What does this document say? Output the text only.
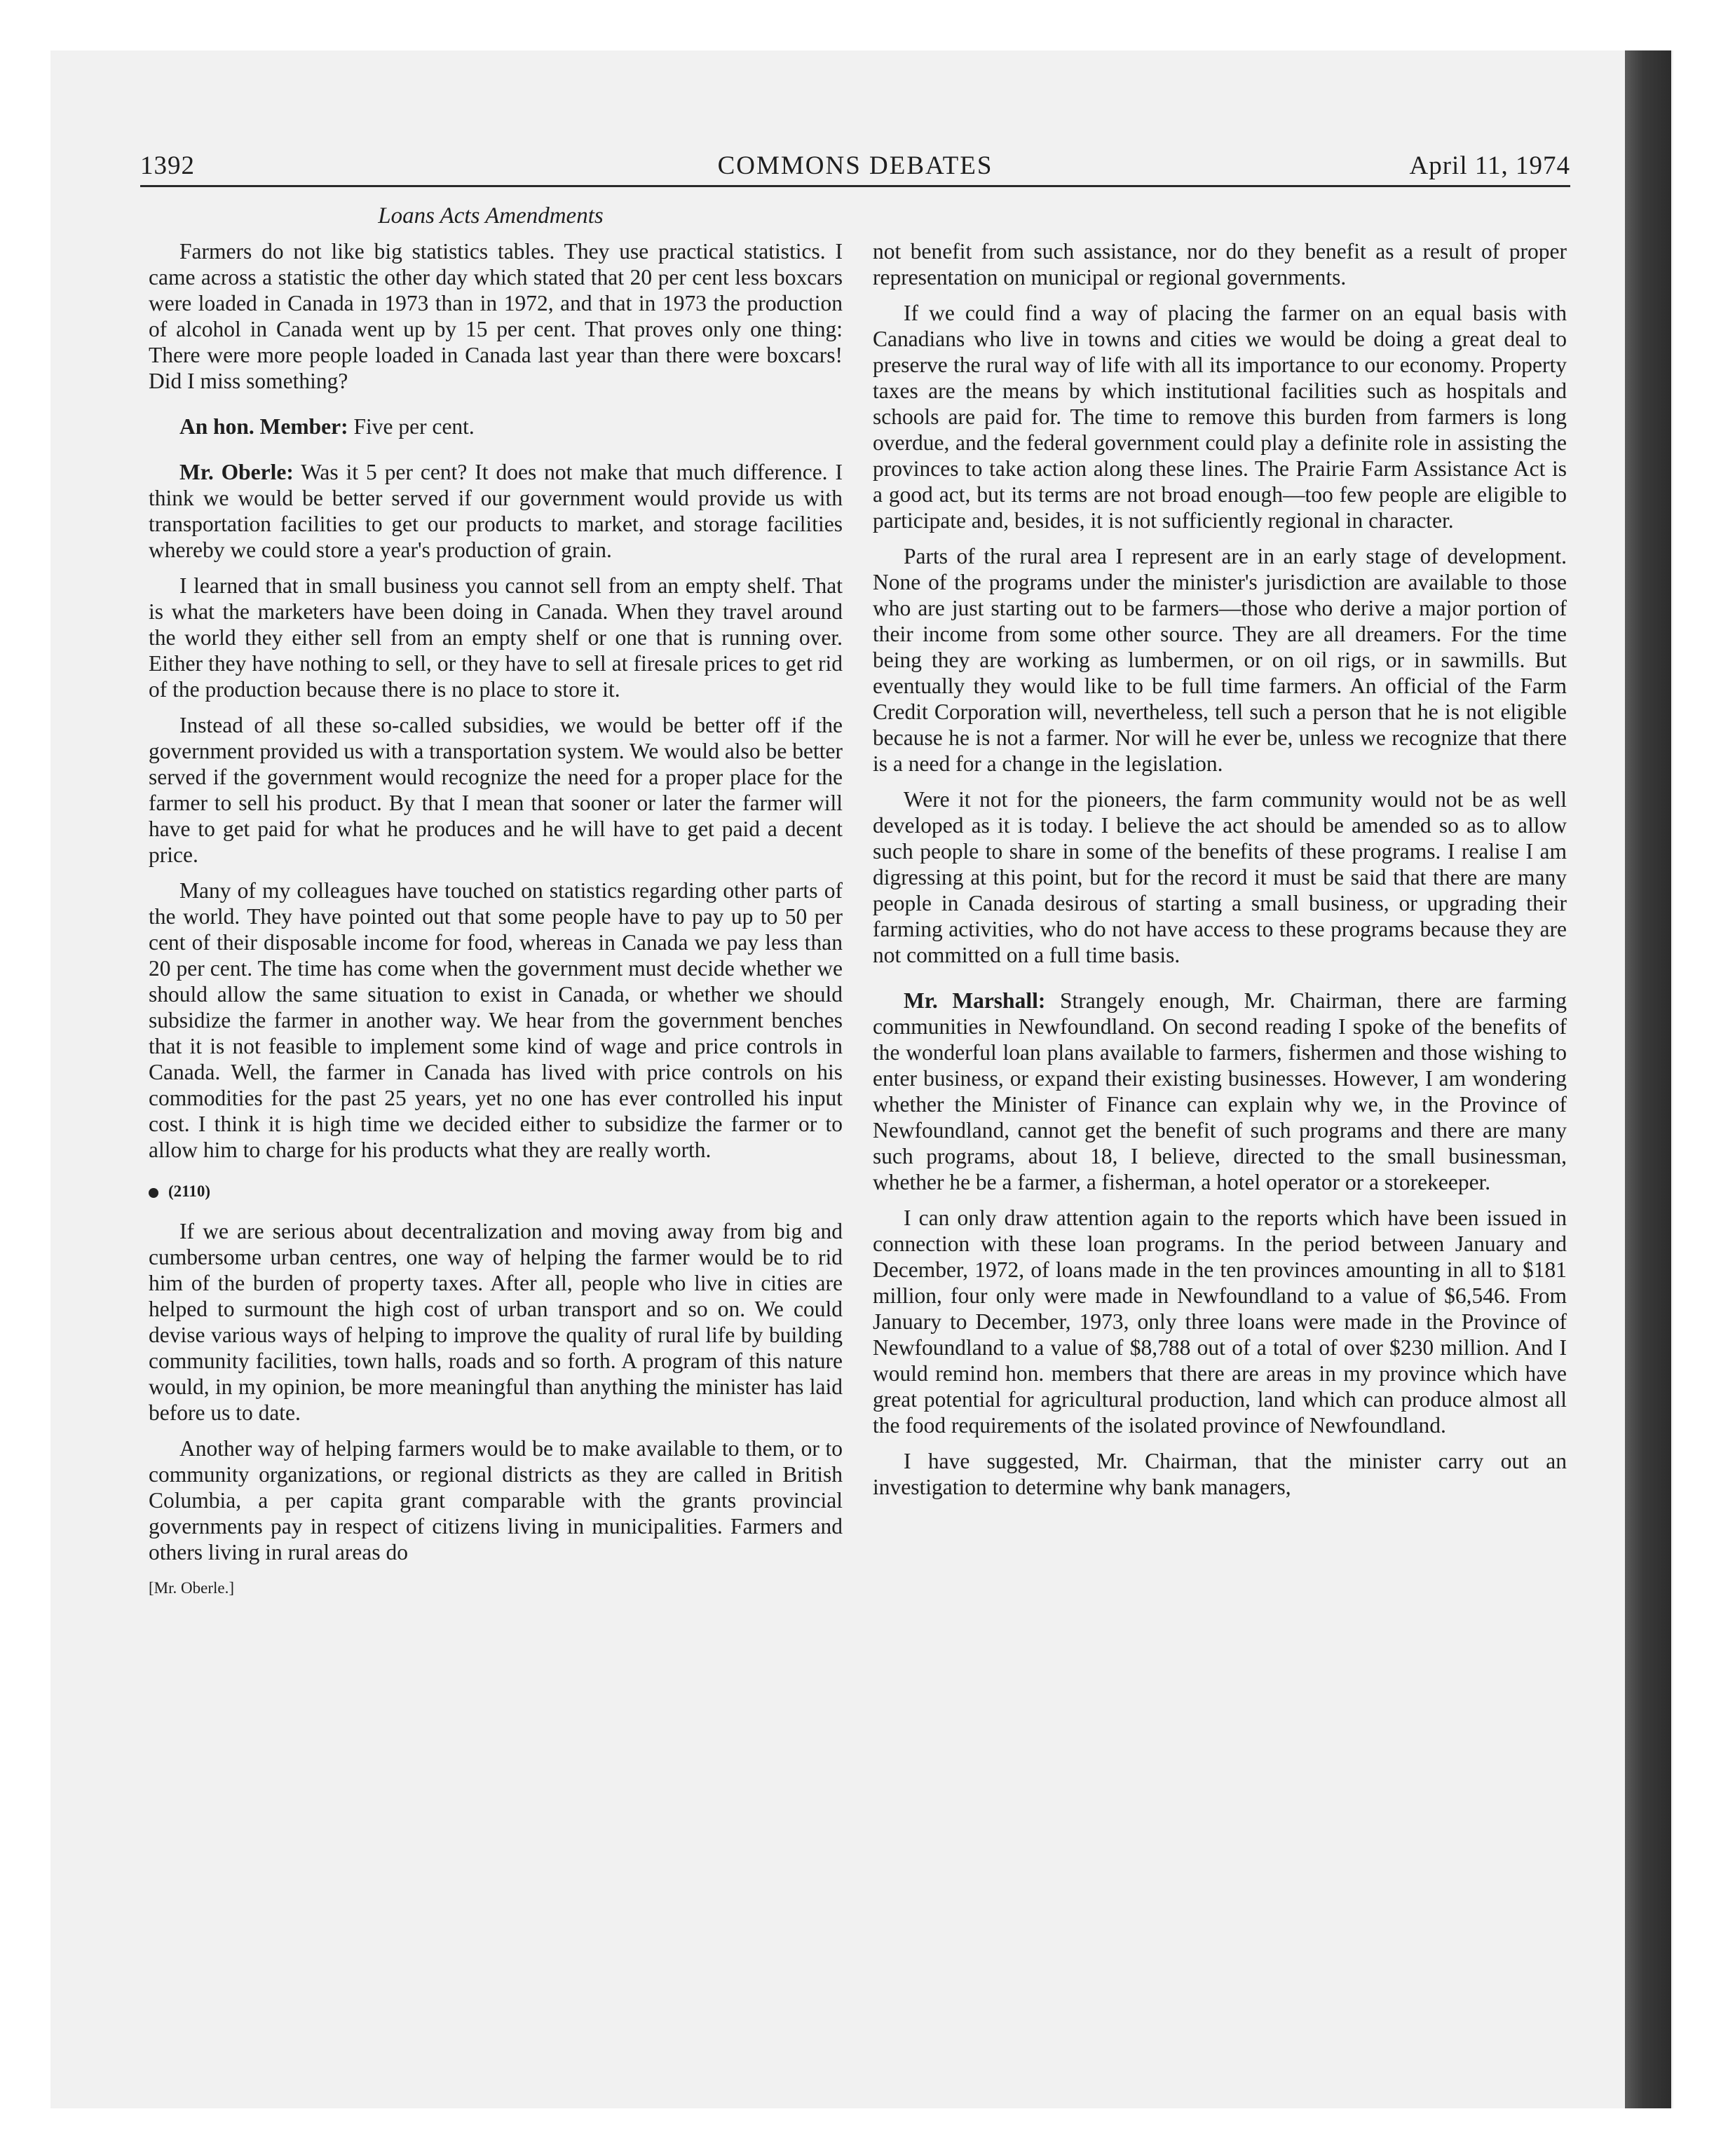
1392	COMMONS DEBATES	April 11, 1974
Loans Acts Amendments

Farmers do not like big statistics tables. They use practical statistics. I came across a statistic the other day which stated that 20 per cent less boxcars were loaded in Canada in 1973 than in 1972, and that in 1973 the production of alcohol in Canada went up by 15 per cent. That proves only one thing: There were more people loaded in Canada last year than there were boxcars! Did I miss something?

An hon. Member: Five per cent.

Mr. Oberle: Was it 5 per cent? It does not make that much difference. I think we would be better served if our government would provide us with transportation facilities to get our products to market, and storage facilities whereby we could store a year's production of grain.

I learned that in small business you cannot sell from an empty shelf. That is what the marketers have been doing in Canada. When they travel around the world they either sell from an empty shelf or one that is running over. Either they have nothing to sell, or they have to sell at firesale prices to get rid of the production because there is no place to store it.

Instead of all these so-called subsidies, we would be better off if the government provided us with a transportation system. We would also be better served if the government would recognize the need for a proper place for the farmer to sell his product. By that I mean that sooner or later the farmer will have to get paid for what he produces and he will have to get paid a decent price.

Many of my colleagues have touched on statistics regarding other parts of the world. They have pointed out that some people have to pay up to 50 per cent of their disposable income for food, whereas in Canada we pay less than 20 per cent. The time has come when the government must decide whether we should allow the same situation to exist in Canada, or whether we should subsidize the farmer in another way. We hear from the government benches that it is not feasible to implement some kind of wage and price controls in Canada. Well, the farmer in Canada has lived with price controls on his commodities for the past 25 years, yet no one has ever controlled his input cost. I think it is high time we decided either to subsidize the farmer or to allow him to charge for his products what they are really worth.

(2110)

If we are serious about decentralization and moving away from big and cumbersome urban centres, one way of helping the farmer would be to rid him of the burden of property taxes. After all, people who live in cities are helped to surmount the high cost of urban transport and so on. We could devise various ways of helping to improve the quality of rural life by building community facilities, town halls, roads and so forth. A program of this nature would, in my opinion, be more meaningful than anything the minister has laid before us to date.

Another way of helping farmers would be to make available to them, or to community organizations, or regional districts as they are called in British Columbia, a per capita grant comparable with the grants provincial governments pay in respect of citizens living in municipalities. Farmers and others living in rural areas do

[Mr. Oberle.]

not benefit from such assistance, nor do they benefit as a result of proper representation on municipal or regional governments.

If we could find a way of placing the farmer on an equal basis with Canadians who live in towns and cities we would be doing a great deal to preserve the rural way of life with all its importance to our economy. Property taxes are the means by which institutional facilities such as hospitals and schools are paid for. The time to remove this burden from farmers is long overdue, and the federal government could play a definite role in assisting the provinces to take action along these lines. The Prairie Farm Assistance Act is a good act, but its terms are not broad enough—too few people are eligible to participate and, besides, it is not sufficiently regional in character.

Parts of the rural area I represent are in an early stage of development. None of the programs under the minister's jurisdiction are available to those who are just starting out to be farmers—those who derive a major portion of their income from some other source. They are all dreamers. For the time being they are working as lumbermen, or on oil rigs, or in sawmills. But eventually they would like to be full time farmers. An official of the Farm Credit Corporation will, nevertheless, tell such a person that he is not eligible because he is not a farmer. Nor will he ever be, unless we recognize that there is a need for a change in the legislation.

Were it not for the pioneers, the farm community would not be as well developed as it is today. I believe the act should be amended so as to allow such people to share in some of the benefits of these programs. I realise I am digressing at this point, but for the record it must be said that there are many people in Canada desirous of starting a small business, or upgrading their farming activities, who do not have access to these programs because they are not committed on a full time basis.

Mr. Marshall: Strangely enough, Mr. Chairman, there are farming communities in Newfoundland. On second reading I spoke of the benefits of the wonderful loan plans available to farmers, fishermen and those wishing to enter business, or expand their existing businesses. However, I am wondering whether the Minister of Finance can explain why we, in the Province of Newfoundland, cannot get the benefit of such programs and there are many such programs, about 18, I believe, directed to the small businessman, whether he be a farmer, a fisherman, a hotel operator or a storekeeper.

I can only draw attention again to the reports which have been issued in connection with these loan programs. In the period between January and December, 1972, of loans made in the ten provinces amounting in all to $181 million, four only were made in Newfoundland to a value of $6,546. From January to December, 1973, only three loans were made in the Province of Newfoundland to a value of $8,788 out of a total of over $230 million. And I would remind hon. members that there are areas in my province which have great potential for agricultural production, land which can produce almost all the food requirements of the isolated province of Newfoundland.

I have suggested, Mr. Chairman, that the minister carry out an investigation to determine why bank managers,
